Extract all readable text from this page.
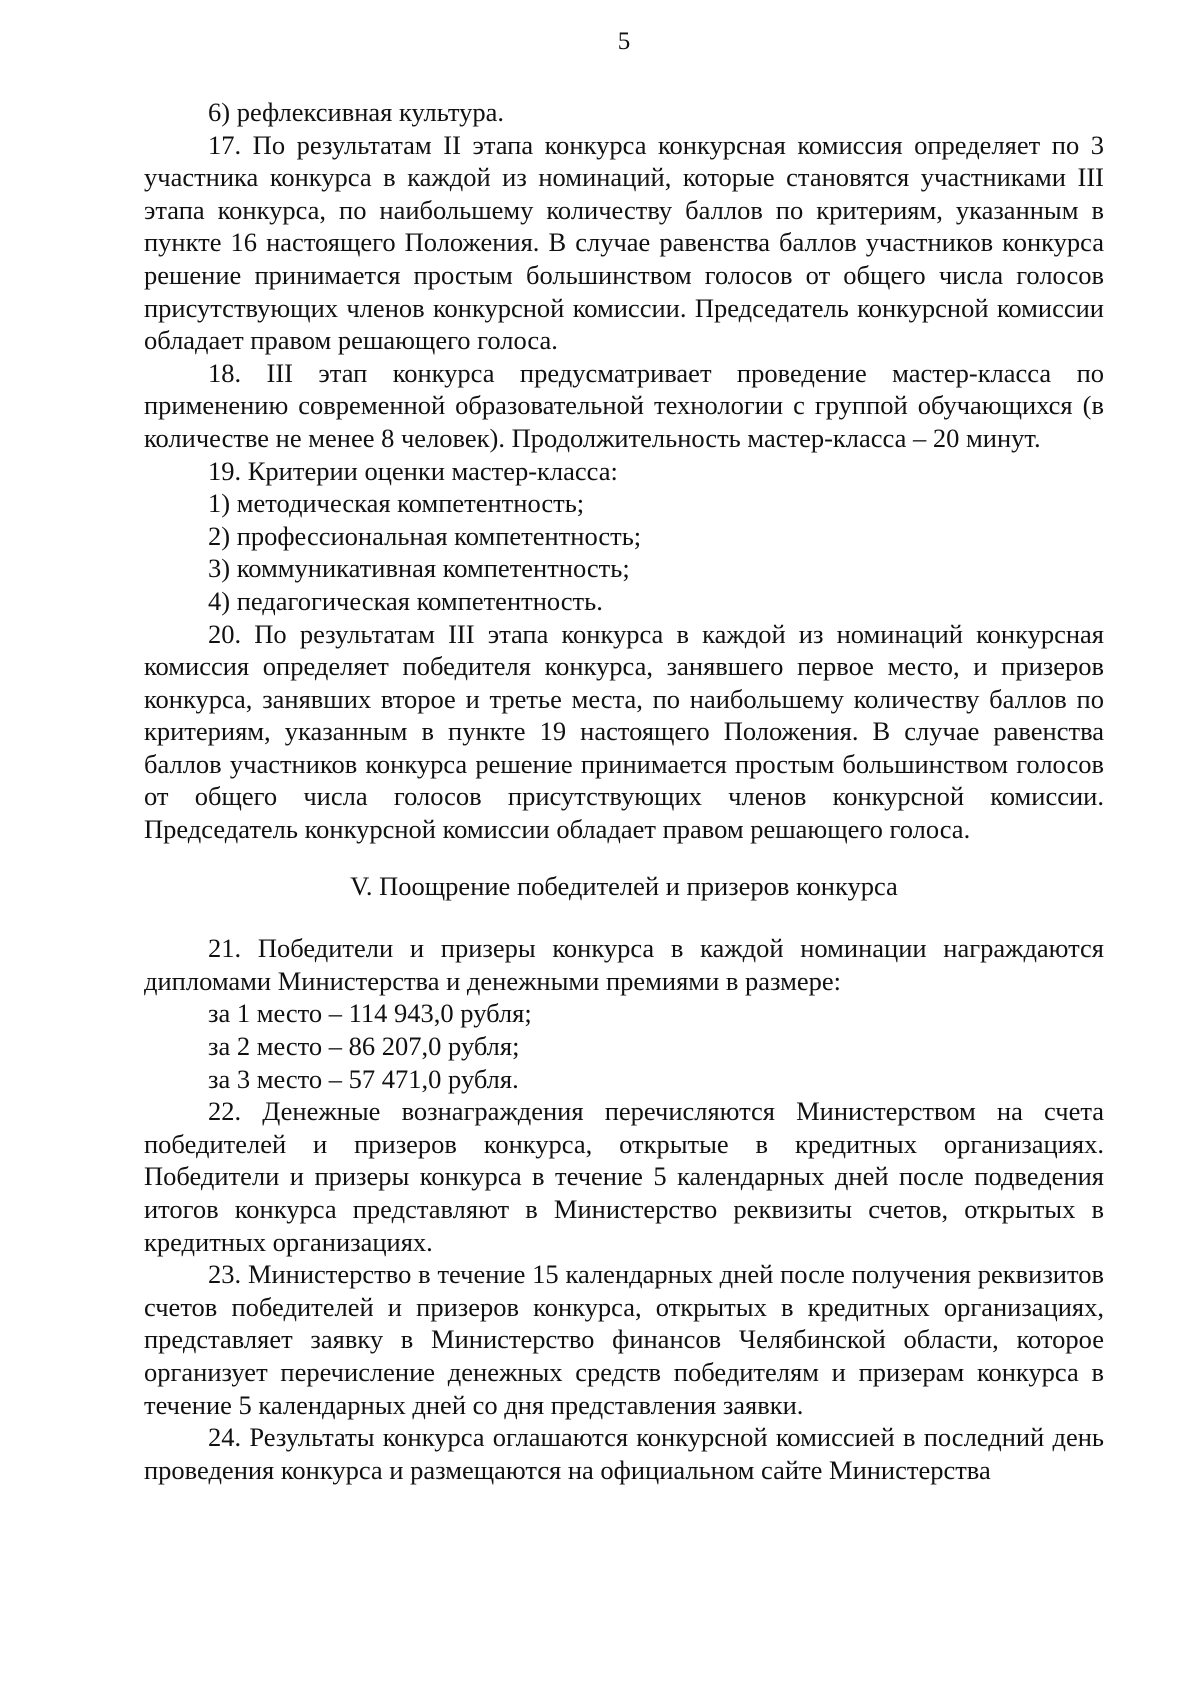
5

6) рефлексивная культура.

17. По результатам II этапа конкурса конкурсная комиссия определяет по 3 участника конкурса в каждой из номинаций, которые становятся участниками III этапа конкурса, по наибольшему количеству баллов по критериям, указанным в пункте 16 настоящего Положения. В случае равенства баллов участников конкурса решение принимается простым большинством голосов от общего числа голосов присутствующих членов конкурсной комиссии. Председатель конкурсной комиссии обладает правом решающего голоса.

18. III этап конкурса предусматривает проведение мастер-класса по применению современной образовательной технологии с группой обучающихся (в количестве не менее 8 человек). Продолжительность мастер-класса – 20 минут.

19. Критерии оценки мастер-класса:

1) методическая компетентность;

2) профессиональная компетентность;

3) коммуникативная компетентность;

4) педагогическая компетентность.

20. По результатам III этапа конкурса в каждой из номинаций конкурсная комиссия определяет победителя конкурса, занявшего первое место, и призеров конкурса, занявших второе и третье места, по наибольшему количеству баллов по критериям, указанным в пункте 19 настоящего Положения. В случае равенства баллов участников конкурса решение принимается простым большинством голосов от общего числа голосов присутствующих членов конкурсной комиссии. Председатель конкурсной комиссии обладает правом решающего голоса.

V. Поощрение победителей и призеров конкурса

21. Победители и призеры конкурса в каждой номинации награждаются дипломами Министерства и денежными премиями в размере:

за 1 место – 114 943,0 рубля;

за 2 место – 86 207,0 рубля;

за 3 место – 57 471,0 рубля.

22. Денежные вознаграждения перечисляются Министерством на счета победителей и призеров конкурса, открытые в кредитных организациях. Победители и призеры конкурса в течение 5 календарных дней после подведения итогов конкурса представляют в Министерство реквизиты счетов, открытых в кредитных организациях.

23. Министерство в течение 15 календарных дней после получения реквизитов счетов победителей и призеров конкурса, открытых в кредитных организациях, представляет заявку в Министерство финансов Челябинской области, которое организует перечисление денежных средств победителям и призерам конкурса в течение 5 календарных дней со дня представления заявки.

24. Результаты конкурса оглашаются конкурсной комиссией в последний день проведения конкурса и размещаются на официальном сайте Министерства
